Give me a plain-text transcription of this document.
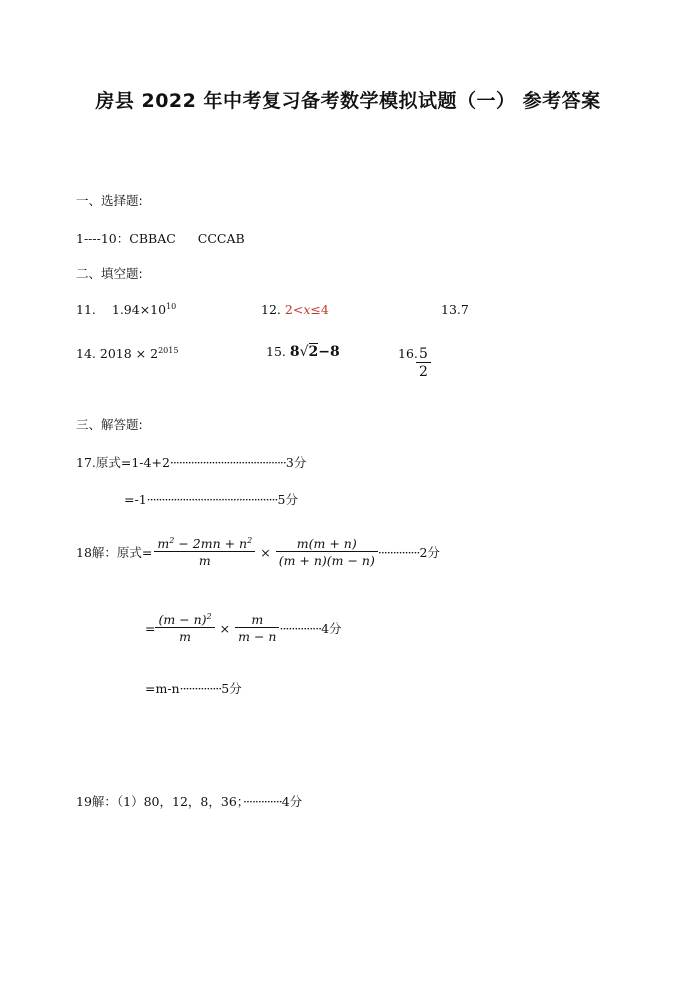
房县 2022 年中考复习备考数学模拟试题（一） 参考答案
一、选择题:
1----10：CBBAC CCCAB
二、填空题:
11. $1.94\times 10^{10}$	12. 2<x≤4	13.7
14. $2018 \times 2^{2015}$	15. 8√2−8	16.
$\frac{5}{2}$
三、解答题:
17.原式=1-4+2·······································3分
=-1············································5分
18解：原式= $\frac{m^2 - 2mn + n^2}{m} \times \frac{m(m + n)}{(m + n)(m - n)}$ ·············· 2分
= $\frac{(m - n)^2}{m} \times \frac{m}{m - n}$ ·············· 4分
=m-n··············5分
19解：（1）80，12，8，36；·············4分
